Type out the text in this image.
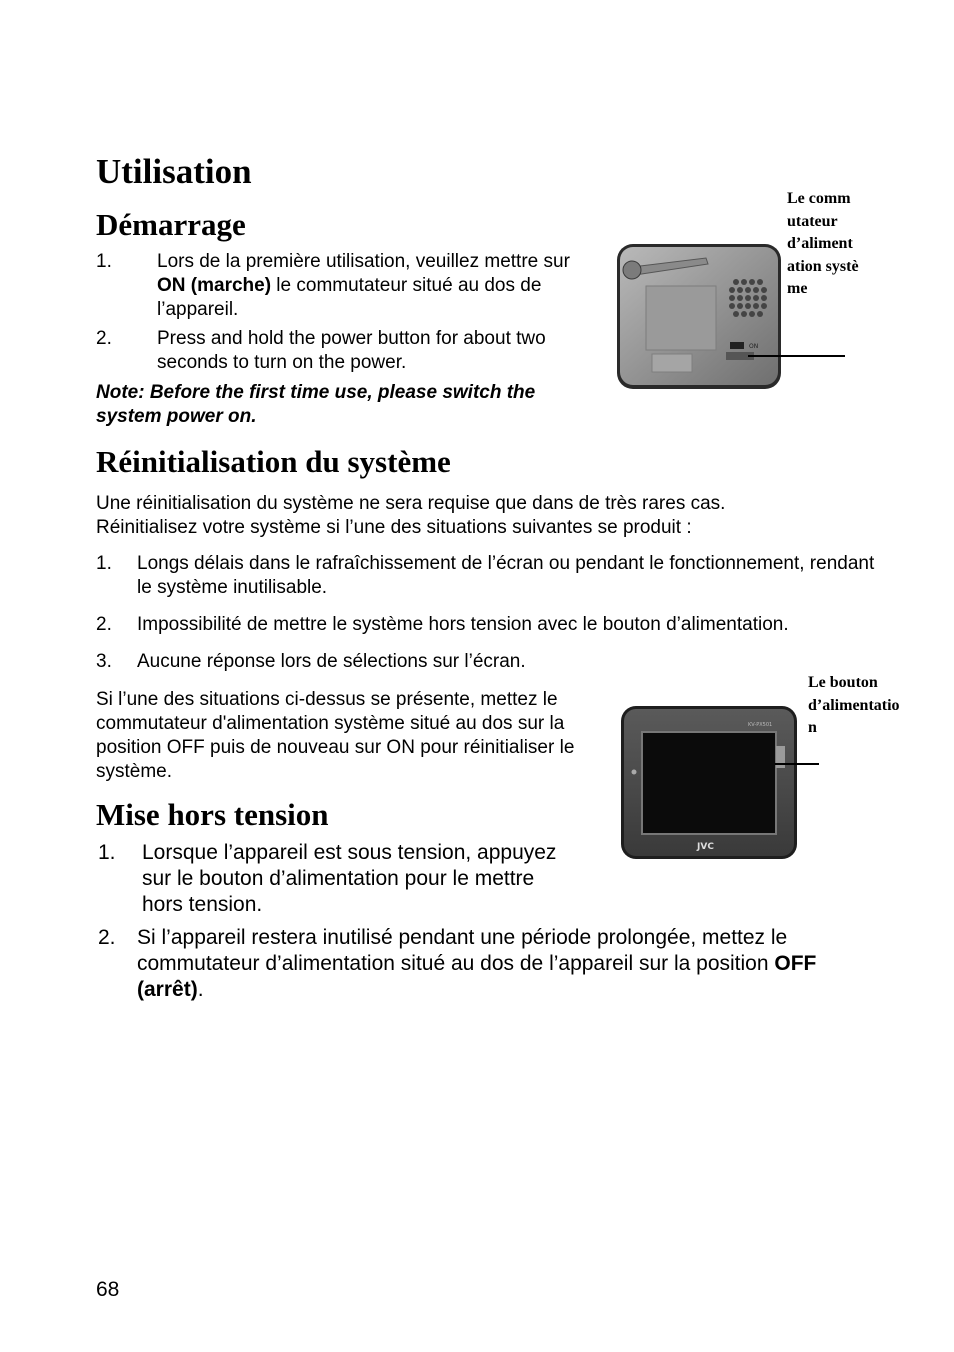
Utilisation
Démarrage
1. Lors de la première utilisation, veuillez mettre sur ON (marche) le commutateur situé au dos de l’appareil.
2. Press and hold the power button for about two seconds to turn on the power.
Note: Before the first time use, please switch the system power on.
Le commutateur d’alimentation système
ON
Réinitialisation du système
Une réinitialisation du système ne sera requise que dans de très rares cas. Réinitialisez votre système si l’une des situations suivantes se produit :
1. Longs délais dans le rafraîchissement de l’écran ou pendant le fonctionnement, rendant le système inutilisable.
2. Impossibilité de mettre le système hors tension avec le bouton d’alimentation.
3. Aucune réponse lors de sélections sur l’écran.
Si l’une des situations ci-dessus se présente, mettez le commutateur d'alimentation système situé au dos sur la position OFF puis de nouveau sur ON pour réinitialiser le système.
Le bouton d’alimentation
KV-PX501
JVC
Mise hors tension
1. Lorsque l’appareil est sous tension, appuyez sur le bouton d’alimentation pour le mettre hors tension.
2. Si l’appareil restera inutilisé pendant une période prolongée, mettez le commutateur d’alimentation situé au dos de l’appareil sur la position OFF (arrêt).
68
